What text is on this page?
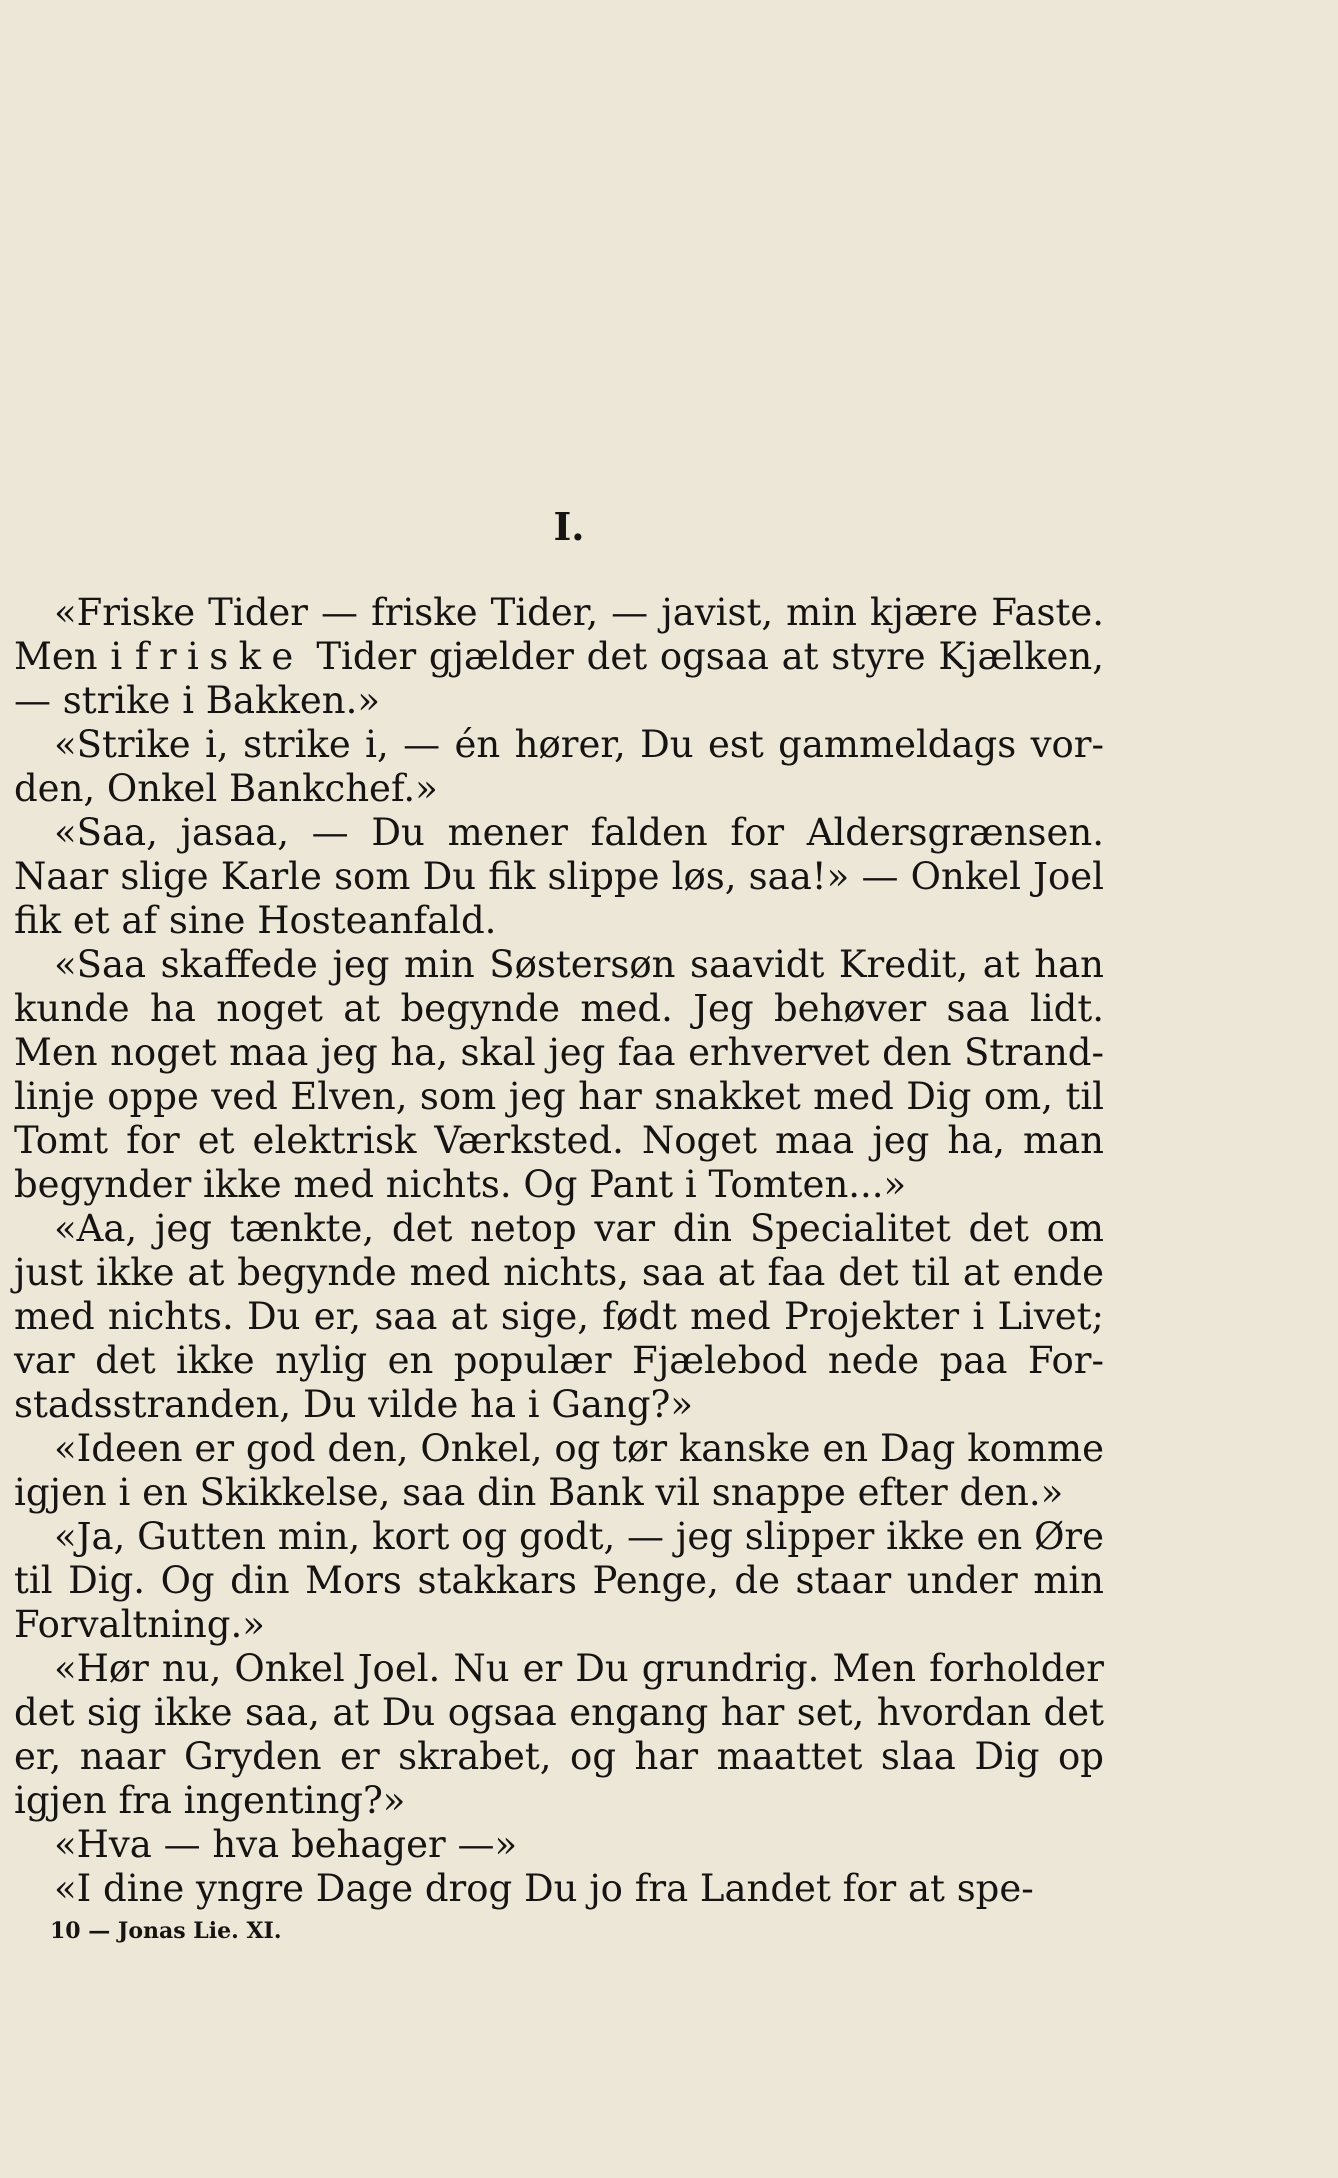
I.

«Friske Tider — friske Tider, — javist, min kjære Faste. Men i friske Tider gjælder det ogsaa at styre Kjælken, — strike i Bakken.»

«Strike i, strike i, — én hører, Du est gammeldags vorden, Onkel Bankchef.»

«Saa, jasaa, — Du mener falden for Aldersgrænsen. Naar slige Karle som Du fik slippe løs, saa!» — Onkel Joel fik et af sine Hosteanfald.

«Saa skaffede jeg min Søstersøn saavidt Kredit, at han kunde ha noget at begynde med. Jeg behøver saa lidt. Men noget maa jeg ha, skal jeg faa erhvervet den Strandlinje oppe ved Elven, som jeg har snakket med Dig om, til Tomt for et elektrisk Værksted. Noget maa jeg ha, man begynder ikke med nichts. Og Pant i Tomten...»

«Aa, jeg tænkte, det netop var din Specialitet det om just ikke at begynde med nichts, saa at faa det til at ende med nichts. Du er, saa at sige, født med Projekter i Livet; var det ikke nylig en populær Fjælebod nede paa Forstadsstranden, Du vilde ha i Gang?»

«Ideen er god den, Onkel, og tør kanske en Dag komme igjen i en Skikkelse, saa din Bank vil snappe efter den.»

«Ja, Gutten min, kort og godt, — jeg slipper ikke en Øre til Dig. Og din Mors stakkars Penge, de staar under min Forvaltning.»

«Hør nu, Onkel Joel. Nu er Du grundrig. Men forholder det sig ikke saa, at Du ogsaa engang har set, hvordan det er, naar Gryden er skrabet, og har maattet slaa Dig op igjen fra ingenting?»

«Hva — hva behager —»

«I dine yngre Dage drog Du jo fra Landet for at spe-

10 — Jonas Lie. XI.
